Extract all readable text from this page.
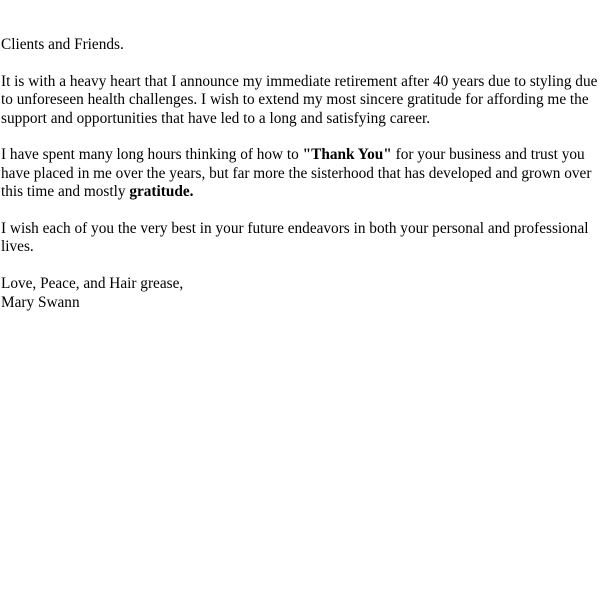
Clients and Friends.

It is with a heavy heart that I announce my immediate retirement after 40 years due to styling due to unforeseen health challenges. I wish to extend my most sincere gratitude for affording me the support and opportunities that have led to a long and satisfying career.

I have spent many long hours thinking of how to "Thank You" for your business and trust you have placed in me over the years, but far more the sisterhood that has developed and grown over this time and mostly gratitude.

I wish each of you the very best in your future endeavors in both your personal and professional lives.

Love, Peace, and Hair grease,
Mary Swann
